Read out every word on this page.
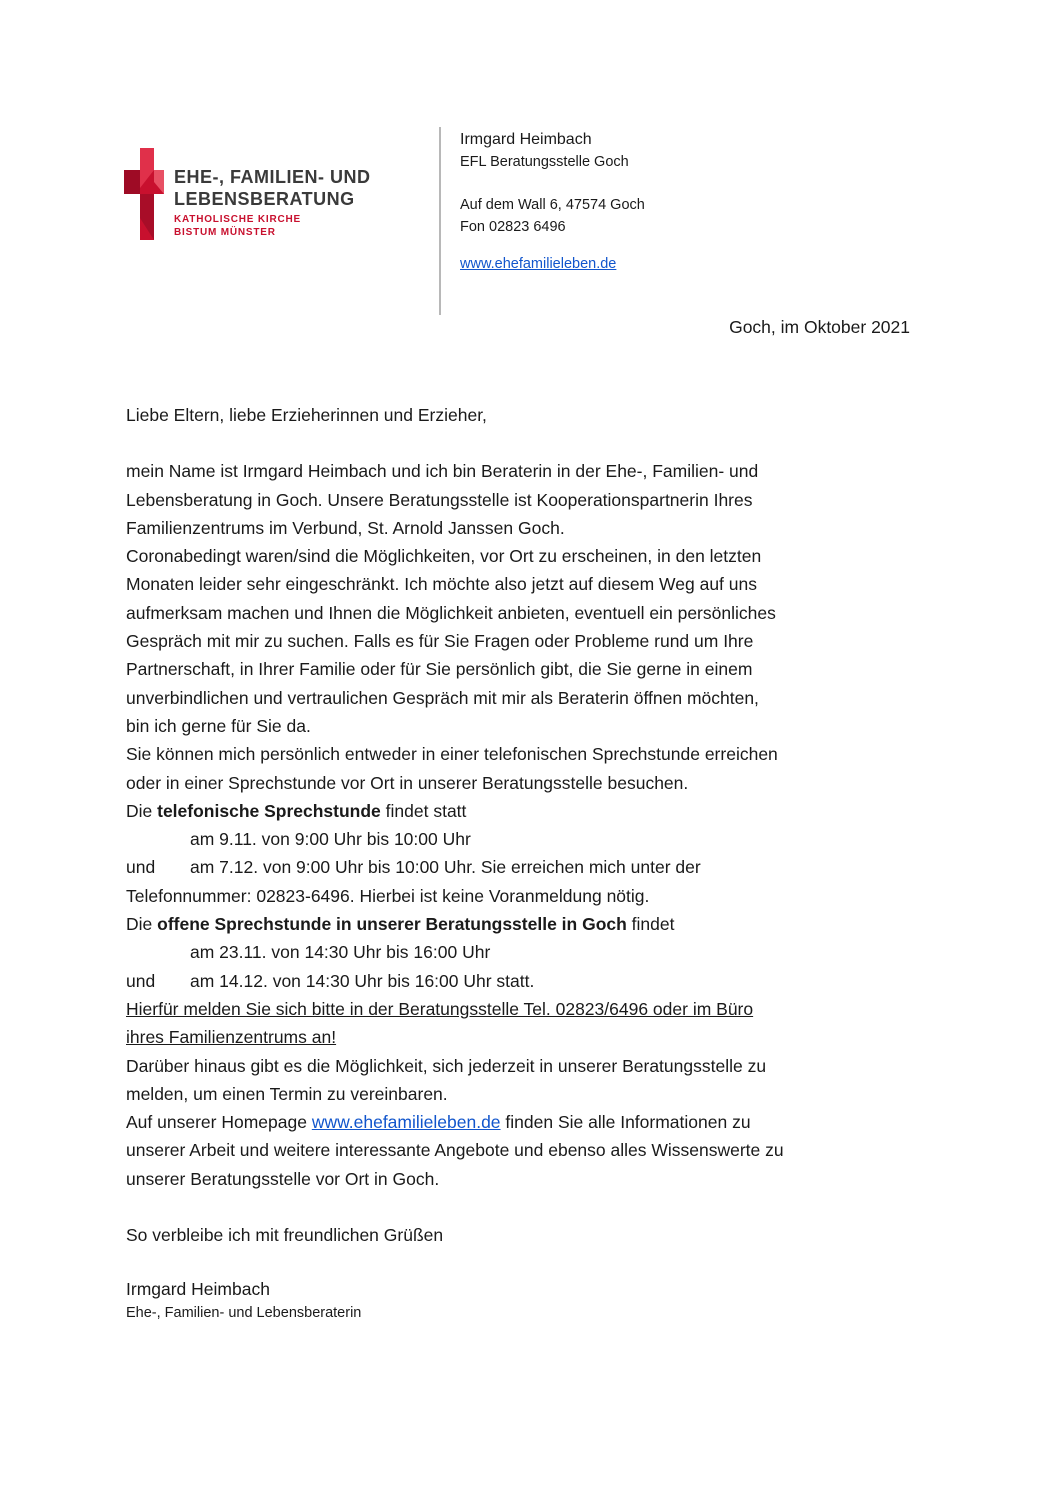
EHE-, FAMILIEN- UND
LEBENSBERATUNG
KATHOLISCHE KIRCHE
BISTUM MÜNSTER
Irmgard Heimbach
EFL Beratungsstelle Goch
Auf dem Wall 6, 47574 Goch
Fon 02823 6496
www.ehefamilieleben.de
Goch, im Oktober 2021

Liebe Eltern, liebe Erzieherinnen und Erzieher,

mein Name ist Irmgard Heimbach und ich bin Beraterin in der Ehe-, Familien- und

Lebensberatung in Goch. Unsere Beratungsstelle ist Kooperationspartnerin Ihres

Familienzentrums im Verbund, St. Arnold Janssen Goch.

Coronabedingt waren/sind die Möglichkeiten, vor Ort zu erscheinen, in den letzten

Monaten leider sehr eingeschränkt. Ich möchte also jetzt auf diesem Weg auf uns

aufmerksam machen und Ihnen die Möglichkeit anbieten, eventuell ein persönliches

Gespräch mit mir zu suchen. Falls es für Sie Fragen oder Probleme rund um Ihre

Partnerschaft, in Ihrer Familie oder für Sie persönlich gibt, die Sie gerne in einem

unverbindlichen und vertraulichen Gespräch mit mir als Beraterin öffnen möchten,

bin ich gerne für Sie da.

Sie können mich persönlich entweder in einer telefonischen Sprechstunde erreichen

oder in einer Sprechstunde vor Ort in unserer Beratungsstelle besuchen.

Die telefonische Sprechstunde findet statt

am 9.11. von 9:00 Uhr bis 10:00 Uhr

und	am 7.12. von 9:00 Uhr bis 10:00 Uhr. Sie erreichen mich unter der

Telefonnummer: 02823-6496. Hierbei ist keine Voranmeldung nötig.

Die offene Sprechstunde in unserer Beratungsstelle in Goch findet

am 23.11. von 14:30 Uhr bis 16:00 Uhr

und	am 14.12. von 14:30 Uhr bis 16:00 Uhr statt.

Hierfür melden Sie sich bitte in der Beratungsstelle Tel. 02823/6496 oder im Büro

ihres Familienzentrums an!

Darüber hinaus gibt es die Möglichkeit, sich jederzeit in unserer Beratungsstelle zu

melden, um einen Termin zu vereinbaren.

Auf unserer Homepage www.ehefamilieleben.de finden Sie alle Informationen zu

unserer Arbeit und weitere interessante Angebote und ebenso alles Wissenswerte zu

unserer Beratungsstelle vor Ort in Goch.

So verbleibe ich mit freundlichen Grüßen

Irmgard Heimbach
Ehe-, Familien- und Lebensberaterin
